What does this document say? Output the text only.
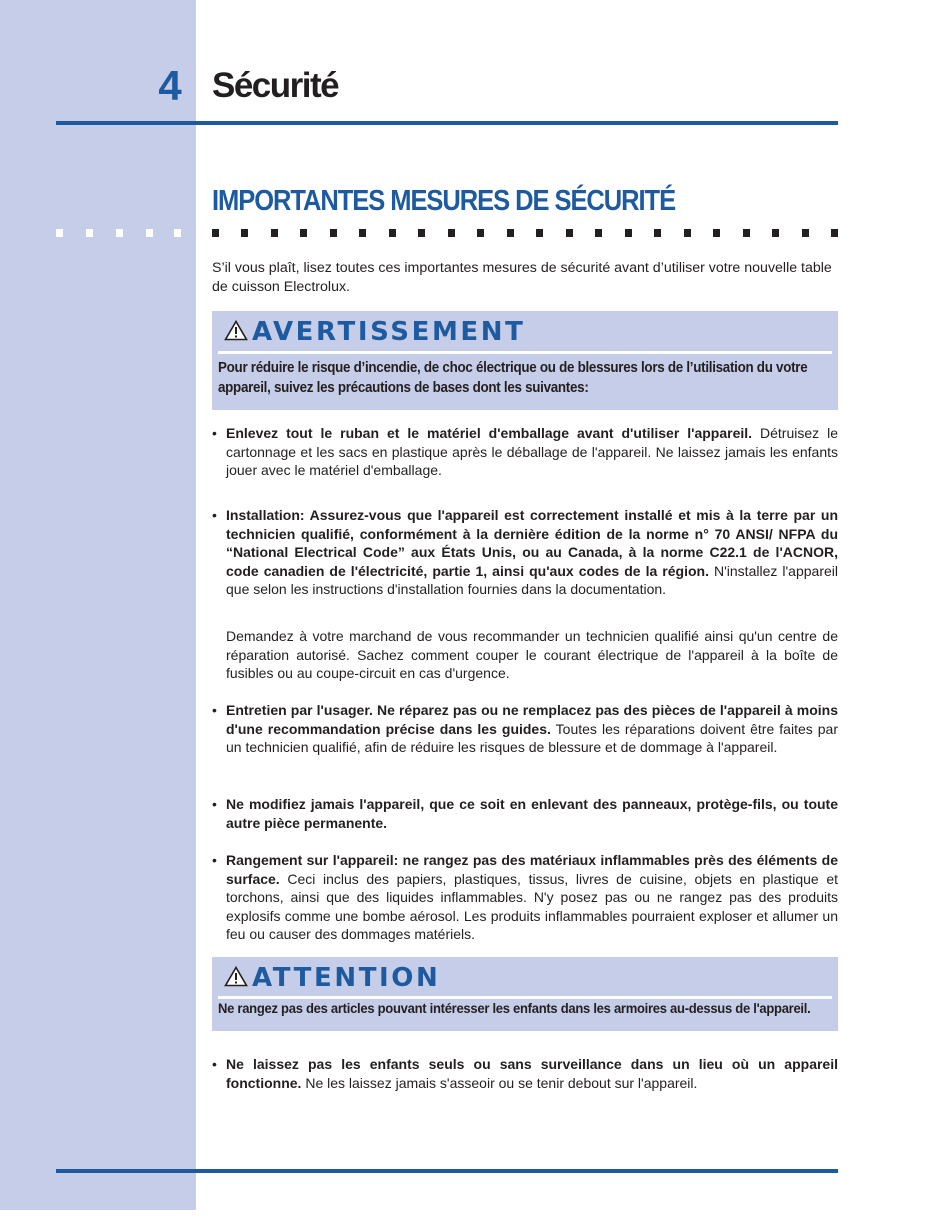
4 Sécurité
IMPORTANTES MESURES DE SÉCURITÉ
S’il vous plaît, lisez toutes ces importantes mesures de sécurité avant d’utiliser votre nouvelle table de cuisson Electrolux.
AVERTISSEMENT
Pour réduire le risque d’incendie, de choc électrique ou de blessures lors de l’utilisation du votre appareil, suivez les précautions de bases dont les suivantes:
• Enlevez tout le ruban et le matériel d'emballage avant d'utiliser l'appareil. Détruisez le cartonnage et les sacs en plastique après le déballage de l'appareil. Ne laissez jamais les enfants jouer avec le matériel d'emballage.
• Installation: Assurez-vous que l'appareil est correctement installé et mis à la terre par un technicien qualifié, conformément à la dernière édition de la norme n° 70 ANSI/ NFPA du “National Electrical Code” aux États Unis, ou au Canada, à la norme C22.1 de l'ACNOR, code canadien de l'électricité, partie 1, ainsi qu'aux codes de la région. N'installez l'appareil que selon les instructions d'installation fournies dans la documentation.
Demandez à votre marchand de vous recommander un technicien qualifié ainsi qu'un centre de réparation autorisé. Sachez comment couper le courant électrique de l'appareil à la boîte de fusibles ou au coupe-circuit en cas d'urgence.
• Entretien par l'usager. Ne réparez pas ou ne remplacez pas des pièces de l'appareil à moins d'une recommandation précise dans les guides. Toutes les réparations doivent être faites par un technicien qualifié, afin de réduire les risques de blessure et de dommage à l'appareil.
• Ne modifiez jamais l'appareil, que ce soit en enlevant des panneaux, protège-fils, ou toute autre pièce permanente.
• Rangement sur l'appareil: ne rangez pas des matériaux inflammables près des éléments de surface. Ceci inclus des papiers, plastiques, tissus, livres de cuisine, objets en plastique et torchons, ainsi que des liquides inflammables. N'y posez pas ou ne rangez pas des produits explosifs comme une bombe aérosol. Les produits inflammables pourraient exploser et allumer un feu ou causer des dommages matériels.
ATTENTION
Ne rangez pas des articles pouvant intéresser les enfants dans les armoires au-dessus de l'appareil.
• Ne laissez pas les enfants seuls ou sans surveillance dans un lieu où un appareil fonctionne. Ne les laissez jamais s'asseoir ou se tenir debout sur l'appareil.
